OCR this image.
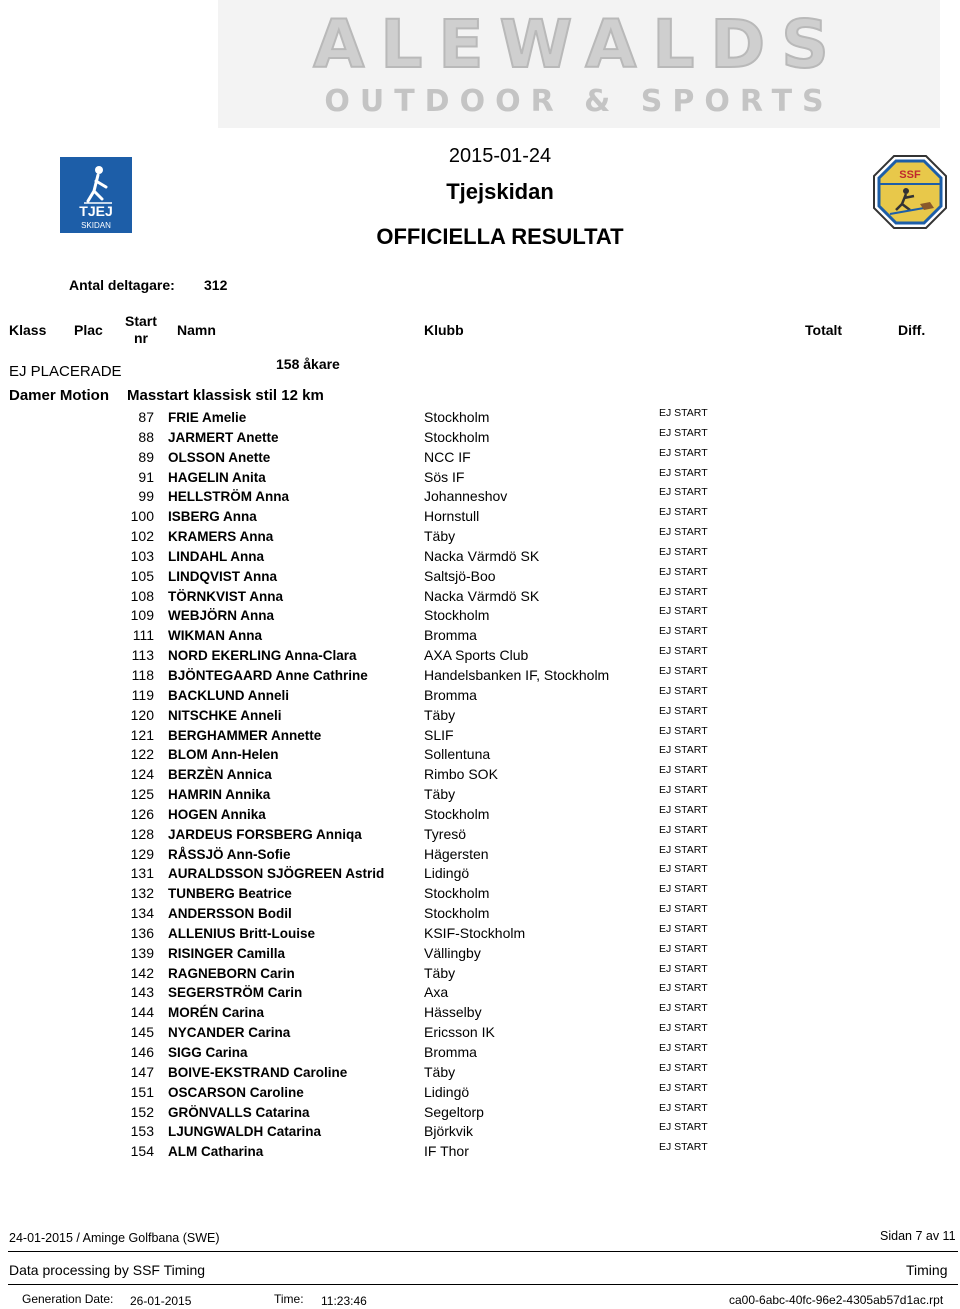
ALEWALDS
OUTDOOR & SPORTS
TJEJ
SKIDAN
SSF
2015-01-24
Tjejskidan
OFFICIELLA RESULTAT
Antal deltagare: 312
Klass Plac
Start
nr	Namn	Klubb	Totalt	Diff.
EJ PLACERADE	158 åkare
Damer Motion Masstart klassisk stil 12 km
87 FRIE Amelie	Stockholm	EJ START
88 JARMERT Anette	Stockholm	EJ START
89 OLSSON Anette	NCC IF	EJ START
91 HAGELIN Anita	Sös IF	EJ START
99 HELLSTRÖM Anna	Johanneshov	EJ START
100 ISBERG Anna	Hornstull	EJ START
102 KRAMERS Anna	Täby	EJ START
103 LINDAHL Anna	Nacka Värmdö SK	EJ START
105 LINDQVIST Anna	Saltsjö-Boo	EJ START
108 TÖRNKVIST Anna	Nacka Värmdö SK	EJ START
109 WEBJÖRN Anna	Stockholm	EJ START
111 WIKMAN Anna	Bromma	EJ START
113 NORD EKERLING Anna-Clara	AXA Sports Club	EJ START
118 BJÖNTEGAARD Anne Cathrine	Handelsbanken IF, Stockholm	EJ START
119 BACKLUND Anneli	Bromma	EJ START
120 NITSCHKE Anneli	Täby	EJ START
121 BERGHAMMER Annette	SLIF	EJ START
122 BLOM Ann-Helen	Sollentuna	EJ START
124 BERZÈN Annica	Rimbo SOK	EJ START
125 HAMRIN Annika	Täby	EJ START
126 HOGEN Annika	Stockholm	EJ START
128 JARDEUS FORSBERG Anniqa	Tyresö	EJ START
129 RÅSSJÖ Ann-Sofie	Hägersten	EJ START
131 AURALDSSON SJÖGREEN Astrid	Lidingö	EJ START
132 TUNBERG Beatrice	Stockholm	EJ START
134 ANDERSSON Bodil	Stockholm	EJ START
136 ALLENIUS Britt-Louise	KSIF-Stockholm	EJ START
139 RISINGER Camilla	Vällingby	EJ START
142 RAGNEBORN Carin	Täby	EJ START
143 SEGERSTRÖM Carin	Axa	EJ START
144 MORÉN Carina	Hässelby	EJ START
145 NYCANDER Carina	Ericsson IK	EJ START
146 SIGG Carina	Bromma	EJ START
147 BOIVE-EKSTRAND Caroline	Täby	EJ START
151 OSCARSON Caroline	Lidingö	EJ START
152 GRÖNVALLS Catarina	Segeltorp	EJ START
153 LJUNGWALDH Catarina	Björkvik	EJ START
154 ALM Catharina	IF Thor	EJ START
24-01-2015 / Aminge Golfbana (SWE)	Sidan 7 av 11
Data processing by SSF Timing	Timing
Generation Date: 26-01-2015	Time: 11:23:46	ca00-6abc-40fc-96e2-4305ab57d1ac.rpt
